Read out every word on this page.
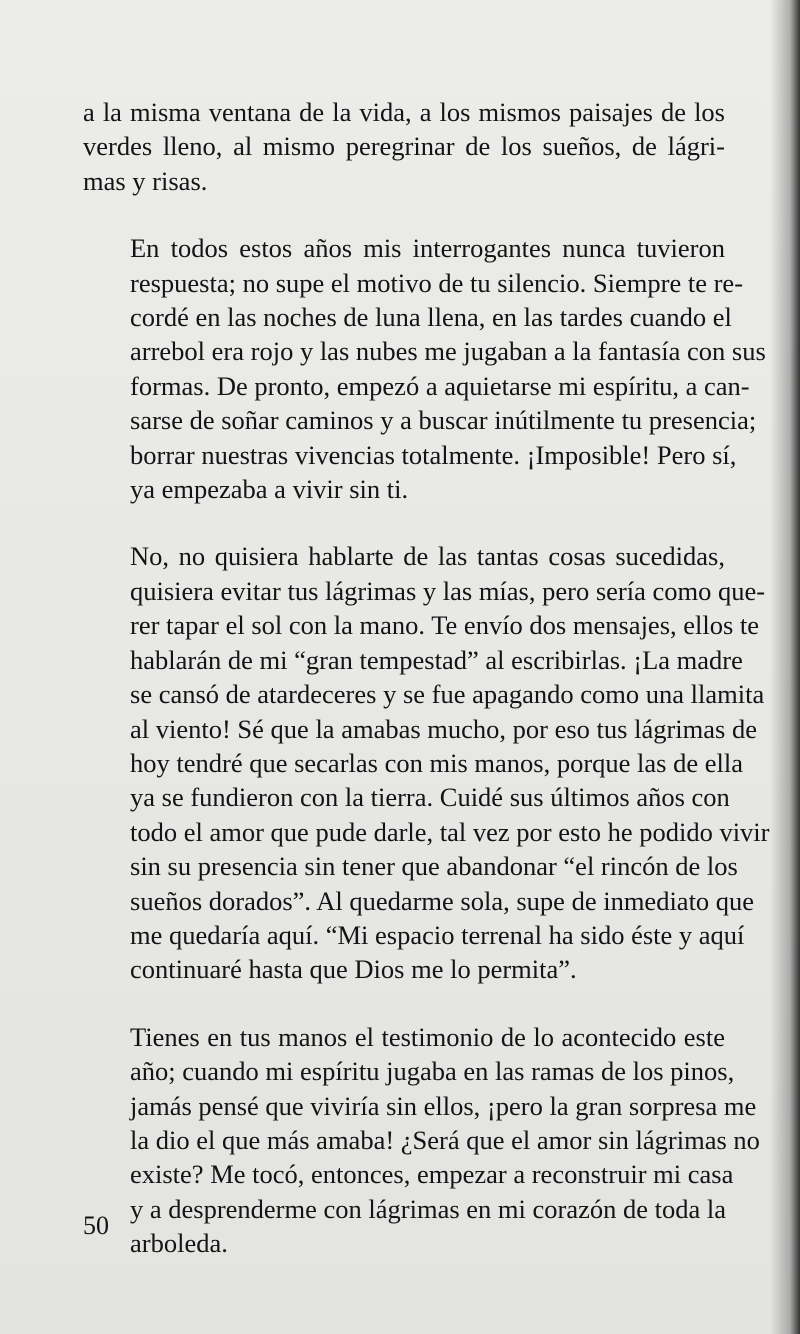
a la misma ventana de la vida, a los mismos paisajes de los
verdes lleno, al mismo peregrinar de los sueños, de lágri-
mas y risas.

En todos estos años mis interrogantes nunca tuvieron
respuesta; no supe el motivo de tu silencio. Siempre te re-
cordé en las noches de luna llena, en las tardes cuando el
arrebol era rojo y las nubes me jugaban a la fantasía con sus
formas. De pronto, empezó a aquietarse mi espíritu, a can-
sarse de soñar caminos y a buscar inútilmente tu presencia;
borrar nuestras vivencias totalmente. ¡Imposible! Pero sí,
ya empezaba a vivir sin ti.

No, no quisiera hablarte de las tantas cosas sucedidas,
quisiera evitar tus lágrimas y las mías, pero sería como que-
rer tapar el sol con la mano. Te envío dos mensajes, ellos te
hablarán de mi “gran tempestad” al escribirlas. ¡La madre
se cansó de atardeceres y se fue apagando como una llamita
al viento! Sé que la amabas mucho, por eso tus lágrimas de
hoy tendré que secarlas con mis manos, porque las de ella
ya se fundieron con la tierra. Cuidé sus últimos años con
todo el amor que pude darle, tal vez por esto he podido vivir
sin su presencia sin tener que abandonar “el rincón de los
sueños dorados”. Al quedarme sola, supe de inmediato que
me quedaría aquí. “Mi espacio terrenal ha sido éste y aquí
continuaré hasta que Dios me lo permita”.

Tienes en tus manos el testimonio de lo acontecido este
año; cuando mi espíritu jugaba en las ramas de los pinos,
jamás pensé que viviría sin ellos, ¡pero la gran sorpresa me
la dio el que más amaba! ¿Será que el amor sin lágrimas no
existe? Me tocó, entonces, empezar a reconstruir mi casa
y a desprenderme con lágrimas en mi corazón de toda la
arboleda.

50
